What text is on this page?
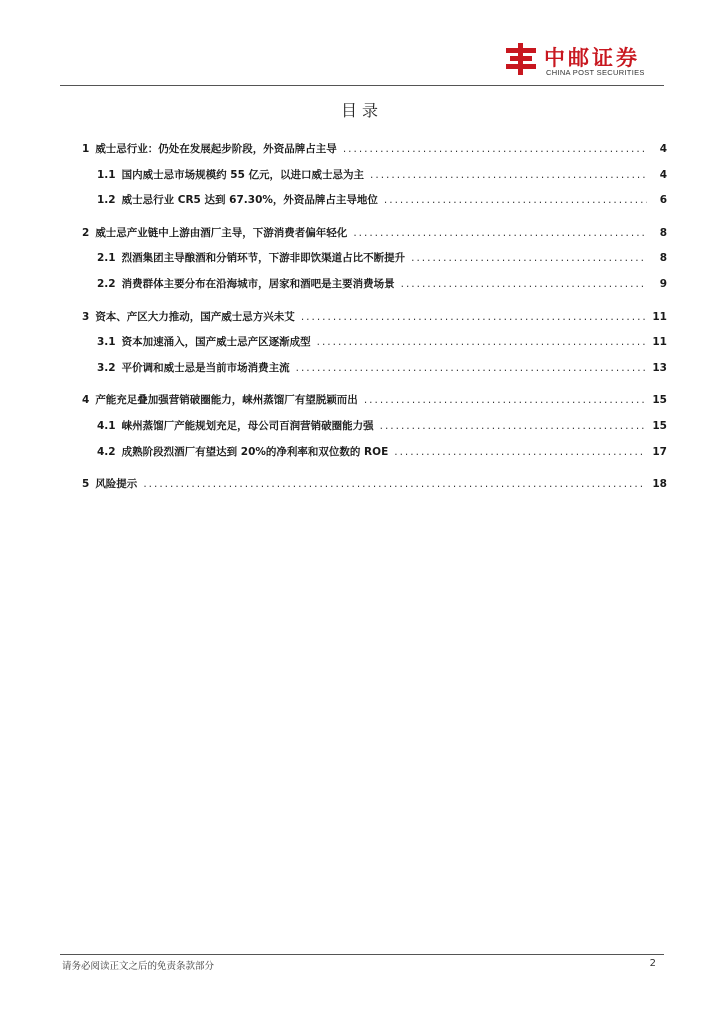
中邮证券
CHINA POST SECURITIES
目录
1 威士忌行业：仍处在发展起步阶段，外资品牌占主导 .....	4
1.1 国内威士忌市场规模约 55 亿元，以进口威士忌为主 .....	4
1.2 威士忌行业 CR5 达到 67.30%，外资品牌占主导地位 .....	6
2 威士忌产业链中上游由酒厂主导，下游消费者偏年轻化 .....	8
2.1 烈酒集团主导酿酒和分销环节，下游非即饮渠道占比不断提升 .....	8
2.2 消费群体主要分布在沿海城市，居家和酒吧是主要消费场景 .....	9
3 资本、产区大力推动，国产威士忌方兴未艾 .....	11
3.1 资本加速涌入，国产威士忌产区逐渐成型 .....	11
3.2 平价调和威士忌是当前市场消费主流 .....	13
4 产能充足叠加强营销破圈能力，崃州蒸馏厂有望脱颖而出 .....	15
4.1 崃州蒸馏厂产能规划充足，母公司百润营销破圈能力强 .....	15
4.2 成熟阶段烈酒厂有望达到 20%的净利率和双位数的 ROE .....	17
5 风险提示 .....	18
请务必阅读正文之后的免责条款部分	2
